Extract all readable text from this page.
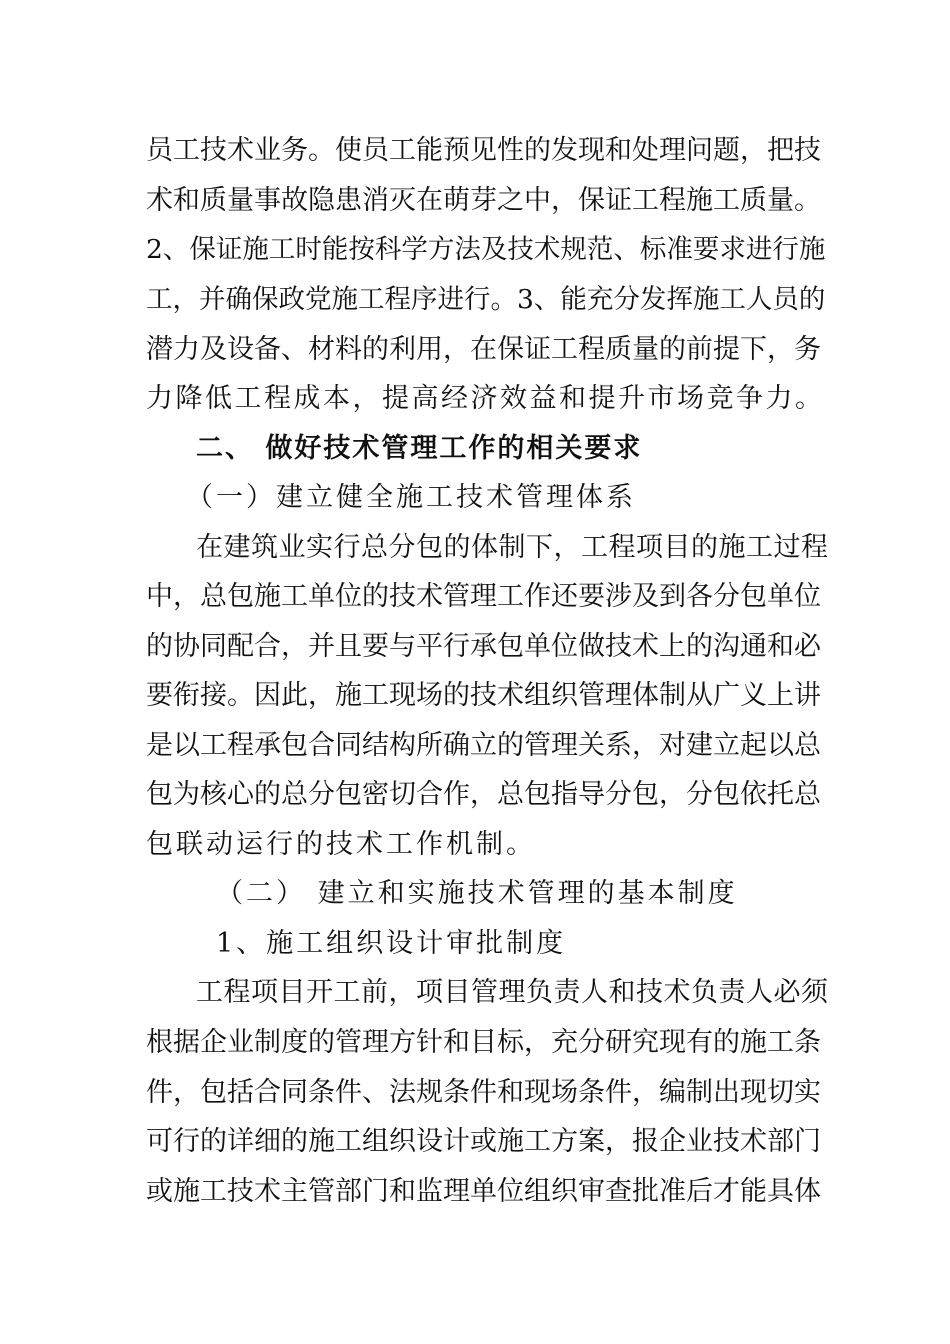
员工技术业务。使员工能预见性的发现和处理问题，把技
术和质量事故隐患消灭在萌芽之中，保证工程施工质量。
2、保证施工时能按科学方法及技术规范、标准要求进行施
工，并确保政党施工程序进行。3、能充分发挥施工人员的
潜力及设备、材料的利用，在保证工程质量的前提下，务
力降低工程成本，提高经济效益和提升市场竞争力。
二、 做好技术管理工作的相关要求
（一）建立健全施工技术管理体系
在建筑业实行总分包的体制下，工程项目的施工过程
中，总包施工单位的技术管理工作还要涉及到各分包单位
的协同配合，并且要与平行承包单位做技术上的沟通和必
要衔接。因此，施工现场的技术组织管理体制从广义上讲
是以工程承包合同结构所确立的管理关系，对建立起以总
包为核心的总分包密切合作，总包指导分包，分包依托总
包联动运行的技术工作机制。
（二） 建立和实施技术管理的基本制度
1、施工组织设计审批制度
工程项目开工前，项目管理负责人和技术负责人必须
根据企业制度的管理方针和目标，充分研究现有的施工条
件，包括合同条件、法规条件和现场条件，编制出现切实
可行的详细的施工组织设计或施工方案，报企业技术部门
或施工技术主管部门和监理单位组织审查批准后才能具体
